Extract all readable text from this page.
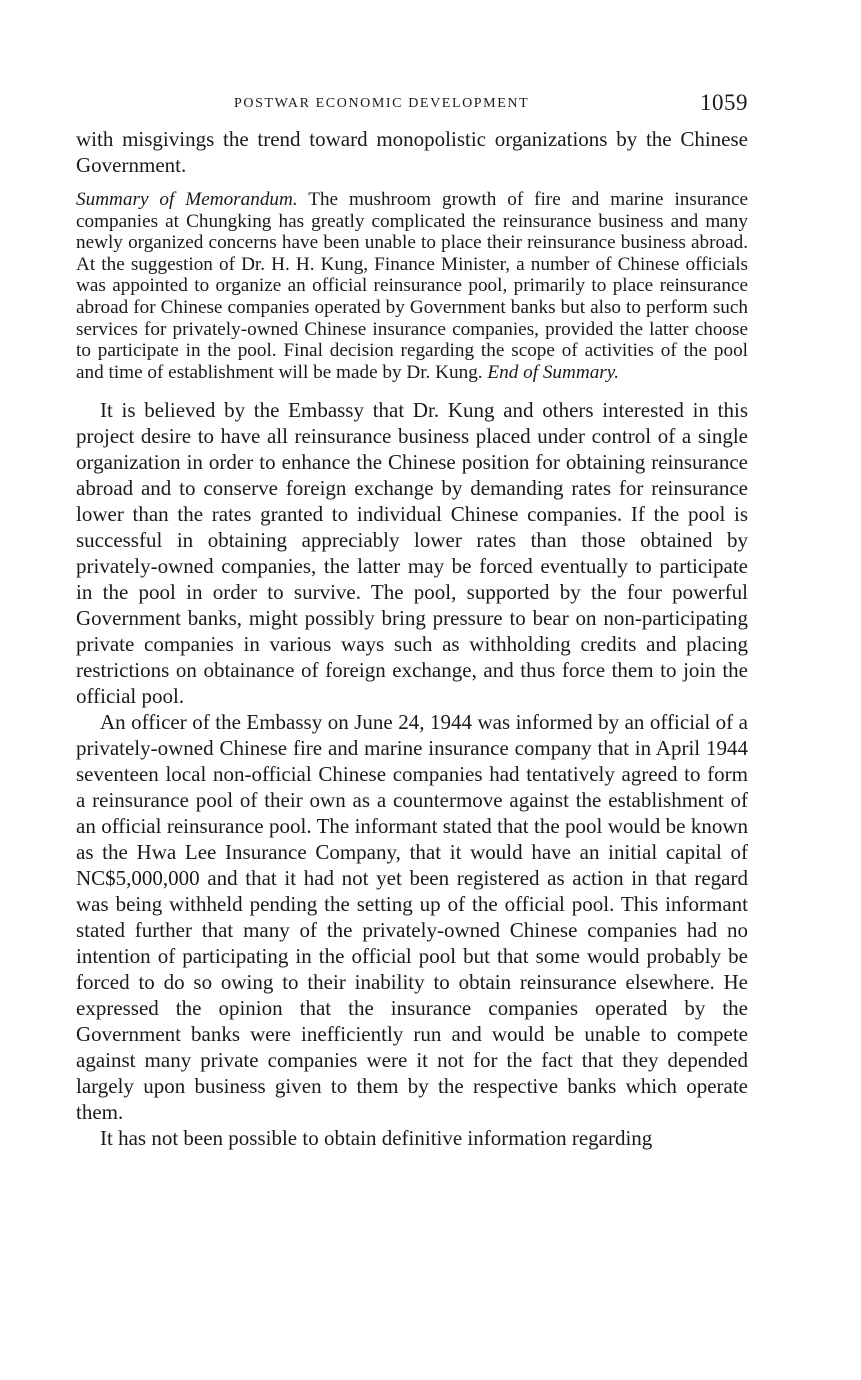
POSTWAR ECONOMIC DEVELOPMENT	1059

with misgivings the trend toward monopolistic organizations by the Chinese Government.

Summary of Memorandum. The mushroom growth of fire and marine insurance companies at Chungking has greatly complicated the reinsurance business and many newly organized concerns have been unable to place their reinsurance business abroad. At the suggestion of Dr. H. H. Kung, Finance Minister, a number of Chinese officials was appointed to organize an official reinsurance pool, primarily to place reinsurance abroad for Chinese companies operated by Government banks but also to perform such services for privately-owned Chinese insurance companies, provided the latter choose to participate in the pool. Final decision regarding the scope of activities of the pool and time of establishment will be made by Dr. Kung. End of Summary.

It is believed by the Embassy that Dr. Kung and others interested in this project desire to have all reinsurance business placed under control of a single organization in order to enhance the Chinese position for obtaining reinsurance abroad and to conserve foreign exchange by demanding rates for reinsurance lower than the rates granted to individual Chinese companies. If the pool is successful in obtaining appreciably lower rates than those obtained by privately-owned companies, the latter may be forced eventually to participate in the pool in order to survive. The pool, supported by the four powerful Government banks, might possibly bring pressure to bear on non-participating private companies in various ways such as withholding credits and placing restrictions on obtainance of foreign exchange, and thus force them to join the official pool.

An officer of the Embassy on June 24, 1944 was informed by an official of a privately-owned Chinese fire and marine insurance company that in April 1944 seventeen local non-official Chinese companies had tentatively agreed to form a reinsurance pool of their own as a countermove against the establishment of an official reinsurance pool. The informant stated that the pool would be known as the Hwa Lee Insurance Company, that it would have an initial capital of NC$5,000,000 and that it had not yet been registered as action in that regard was being withheld pending the setting up of the official pool. This informant stated further that many of the privately-owned Chinese companies had no intention of participating in the official pool but that some would probably be forced to do so owing to their inability to obtain reinsurance elsewhere. He expressed the opinion that the insurance companies operated by the Government banks were inefficiently run and would be unable to compete against many private companies were it not for the fact that they depended largely upon business given to them by the respective banks which operate them.

It has not been possible to obtain definitive information regarding
